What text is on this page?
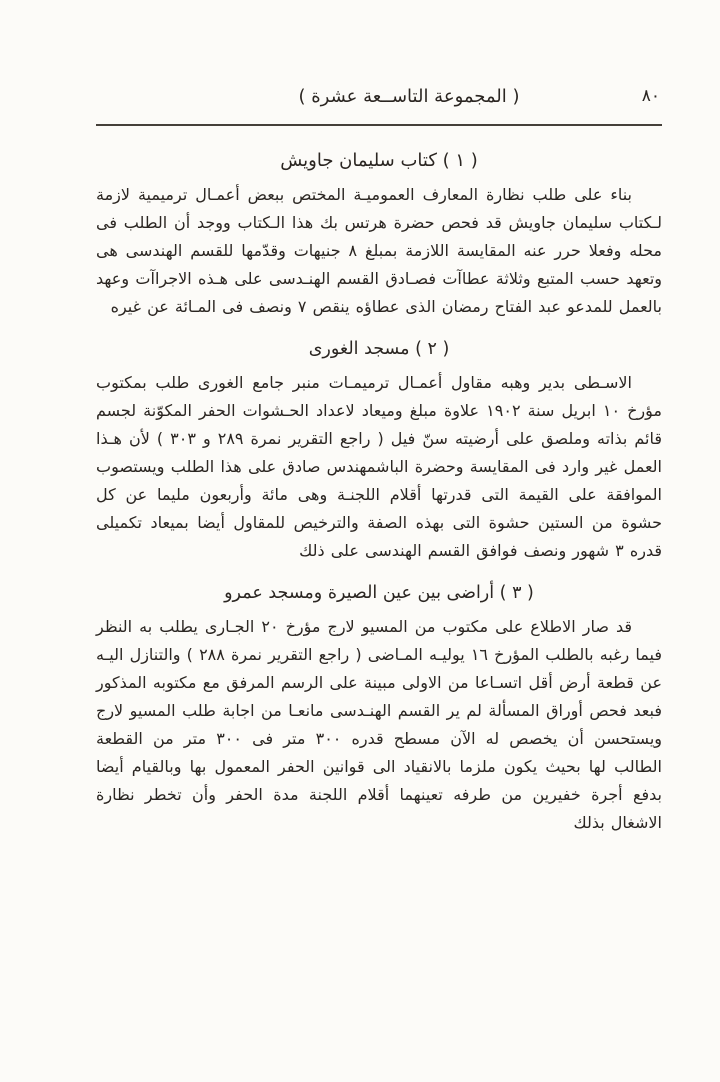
( المجموعة التاســعة عشرة )	٨٠
( ١ ) كتاب سليمان جاويش

بناء على طلب نظارة المعارف العموميـة المختص ببعض أعمـال ترميمية لازمة لـكتاب سليمان جاويش قد فحص حضرة هرتس بك هذا الـكتاب ووجد أن الطلب فى محله وفعلا حرر عنه المقايسة اللازمة بمبلغ ٨ جنيهات وقدّمها للقسم الهندسى هى وتعهد حسب المتبع وثلاثة عطاآت فصـادق القسم الهنـدسى على هـذه الاجراآت وعهد بالعمل للمدعو عبد الفتاح رمضان الذى عطاؤه ينقص ٧ ونصف فى المـائة عن غيره

( ٢ ) مسجد الغورى

الاسـطى بدير وهبه مقاول أعمـال ترميمـات منبر جامع الغورى طلب بمكتوب مؤرخ ١٠ ابريل سنة ١٩٠٢ علاوة مبلغ وميعاد لاعداد الحـشوات الحفر المكوّنة لجسم قائم بذاته وملصق على أرضيته سنّ فيل ( راجع التقرير نمرة ٢٨٩ و ٣٠٣ ) لأن هـذا العمل غير وارد فى المقايسة وحضرة الباشمهندس صادق على هذا الطلب ويستصوب الموافقة على القيمة التى قدرتها أقلام اللجنـة وهى مائة وأربعون مليما عن كل حشوة من الستين حشوة التى بهذه الصفة والترخيص للمقاول أيضا بميعاد تكميلى قدره ٣ شهور ونصف فوافق القسم الهندسى على ذلك

( ٣ ) أراضى بين عين الصيرة ومسجد عمرو

قد صار الاطلاع على مكتوب من المسيو لارج مؤرخ ٢٠ الجـارى يطلب به النظر فيما رغبه بالطلب المؤرخ ١٦ يوليـه المـاضى ( راجع التقرير نمرة ٢٨٨ ) والتنازل اليـه عن قطعة أرض أقل اتسـاعا من الاولى مبينة على الرسم المرفق مع مكتوبه المذكور فبعد فحص أوراق المسألة لم ير القسم الهنـدسى مانعـا من اجابة طلب المسيو لارج ويستحسن أن يخصص له الآن مسطح قدره ٣٠٠ متر فى ٣٠٠ متر من القطعة الطالب لها بحيث يكون ملزما بالانقياد الى قوانين الحفر المعمول بها وبالقيام أيضا بدفع أجرة خفيرين من طرفه تعينهما أقلام اللجنة مدة الحفر وأن تخطر نظارة الاشغال بذلك
